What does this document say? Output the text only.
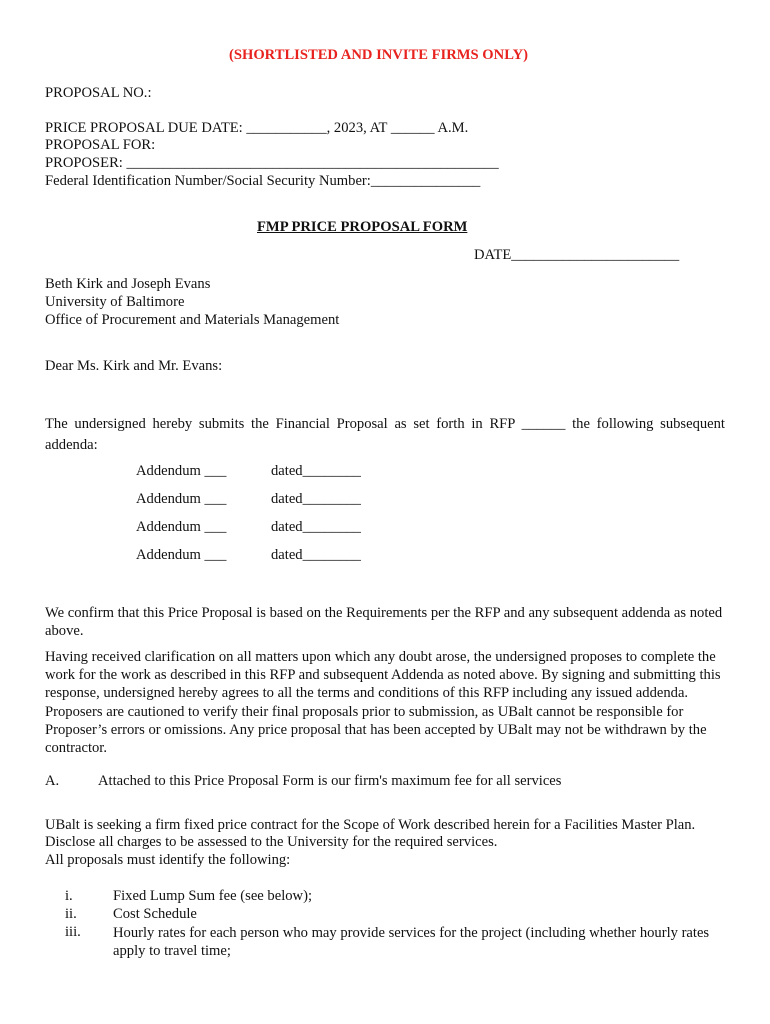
(SHORTLISTED AND INVITE FIRMS ONLY)
PROPOSAL NO.:
PRICE PROPOSAL DUE DATE: ___________, 2023, AT ______ A.M.
PROPOSAL FOR:
PROPOSER: ___________________________________________________
Federal Identification Number/Social Security Number:_______________
FMP PRICE PROPOSAL FORM
DATE_______________________
Beth Kirk and Joseph Evans
University of Baltimore
Office of Procurement and Materials Management
Dear Ms. Kirk and Mr. Evans:
The undersigned hereby submits the Financial Proposal as set forth in RFP ______ the following subsequent addenda:
Addendum ___	dated________
Addendum ___	dated________
Addendum ___	dated________
Addendum ___	dated________
We confirm that this Price Proposal is based on the Requirements per the RFP and any subsequent addenda as noted above.
Having received clarification on all matters upon which any doubt arose, the undersigned proposes to complete the work for the work as described in this RFP and subsequent Addenda as noted above. By signing and submitting this response, undersigned hereby agrees to all the terms and conditions of this RFP including any issued addenda. Proposers are cautioned to verify their final proposals prior to submission, as UBalt cannot be responsible for Proposer’s errors or omissions. Any price proposal that has been accepted by UBalt may not be withdrawn by the contractor.
A.	Attached to this Price Proposal Form is our firm's maximum fee for all services
UBalt is seeking a firm fixed price contract for the Scope of Work described herein for a Facilities Master Plan.
Disclose all charges to be assessed to the University for the required services.
All proposals must identify the following:
i.	Fixed Lump Sum fee (see below);
ii. Cost Schedule
iii. Hourly rates for each person who may provide services for the project (including whether hourly rates apply to travel time;
